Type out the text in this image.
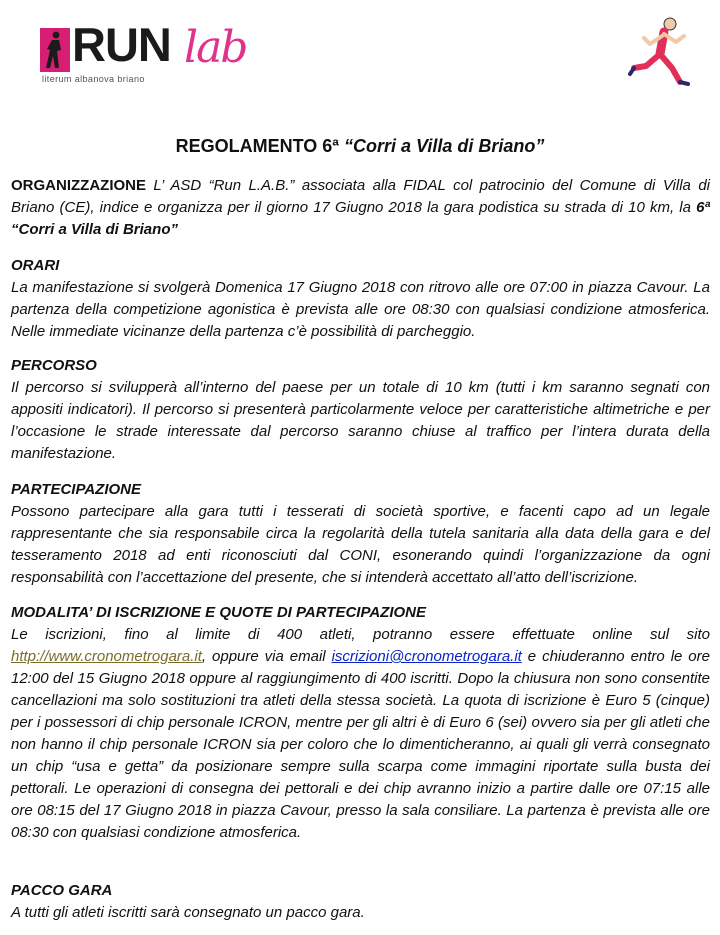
RUN lab
literum albanova briano
REGOLAMENTO 6ª “Corri a Villa di Briano”

ORGANIZZAZIONE L’ ASD “Run L.A.B.” associata alla FIDAL col patrocinio del Comune di Villa di Briano (CE), indice e organizza per il giorno 17 Giugno 2018 la gara podistica su strada di 10 km, la 6ª “Corri a Villa di Briano”

ORARI

La manifestazione si svolgerà Domenica 17 Giugno 2018 con ritrovo alle ore 07:00 in piazza Cavour. La partenza della competizione agonistica è prevista alle ore 08:30 con qualsiasi condizione atmosferica. Nelle immediate vicinanze della partenza c’è possibilità di parcheggio.

PERCORSO

Il percorso si svilupperà all’interno del paese per un totale di 10 km (tutti i km saranno segnati con appositi indicatori). Il percorso si presenterà particolarmente veloce per caratteristiche altimetriche e per l’occasione le strade interessate dal percorso saranno chiuse al traffico per l’intera durata della manifestazione.

PARTECIPAZIONE

Possono partecipare alla gara tutti i tesserati di società sportive, e facenti capo ad un legale rappresentante che sia responsabile circa la regolarità della tutela sanitaria alla data della gara e del tesseramento 2018 ad enti riconosciuti dal CONI, esonerando quindi l’organizzazione da ogni responsabilità con l’accettazione del presente, che si intenderà accettato all’atto dell’iscrizione.

MODALITA’ DI ISCRIZIONE E QUOTE DI PARTECIPAZIONE

Le iscrizioni, fino al limite di 400 atleti, potranno essere effettuate online sul sito http://www.cronometrogara.it, oppure via email iscrizioni@cronometrogara.it e chiuderanno entro le ore 12:00 del 15 Giugno 2018 oppure al raggiungimento di 400 iscritti. Dopo la chiusura non sono consentite cancellazioni ma solo sostituzioni tra atleti della stessa società. La quota di iscrizione è Euro 5 (cinque) per i possessori di chip personale ICRON, mentre per gli altri è di Euro 6 (sei) ovvero sia per gli atleti che non hanno il chip personale ICRON sia per coloro che lo dimenticheranno, ai quali gli verrà consegnato un chip “usa e getta” da posizionare sempre sulla scarpa come immagini riportate sulla busta dei pettorali. Le operazioni di consegna dei pettorali e dei chip avranno inizio a partire dalle ore 07:15 alle ore 08:15 del 17 Giugno 2018 in piazza Cavour, presso la sala consiliare. La partenza è prevista alle ore 08:30 con qualsiasi condizione atmosferica.

PACCO GARA

A tutti gli atleti iscritti sarà consegnato un pacco gara.
